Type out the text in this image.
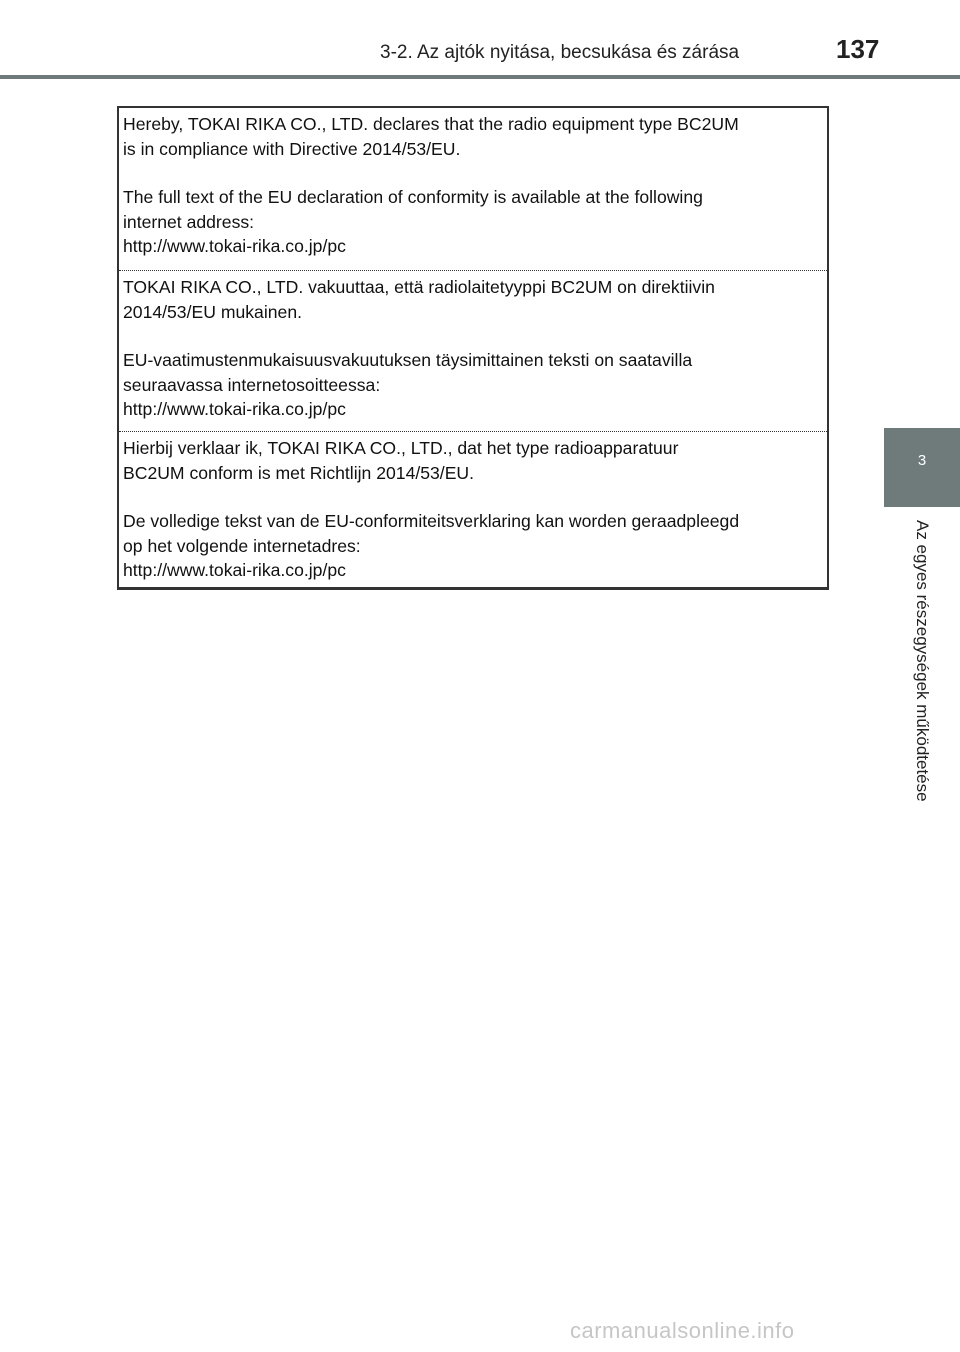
3-2. Az ajtók nyitása, becsukása és zárása	137
3
Az egyes részegységek működtetése

Hereby, TOKAI RIKA CO., LTD. declares that the radio equipment type BC2UM
is in compliance with Directive 2014/53/EU.

The full text of the EU declaration of conformity is available at the following
internet address:
http://www.tokai-rika.co.jp/pc

TOKAI RIKA CO., LTD. vakuuttaa, että radiolaitetyyppi BC2UM on direktiivin
2014/53/EU mukainen.

EU-vaatimustenmukaisuusvakuutuksen täysimittainen teksti on saatavilla
seuraavassa internetosoitteessa:
http://www.tokai-rika.co.jp/pc

Hierbij verklaar ik, TOKAI RIKA CO., LTD., dat het type radioapparatuur
BC2UM conform is met Richtlijn 2014/53/EU.

De volledige tekst van de EU-conformiteitsverklaring kan worden geraadpleegd
op het volgende internetadres:
http://www.tokai-rika.co.jp/pc

carmanualsonline.info
